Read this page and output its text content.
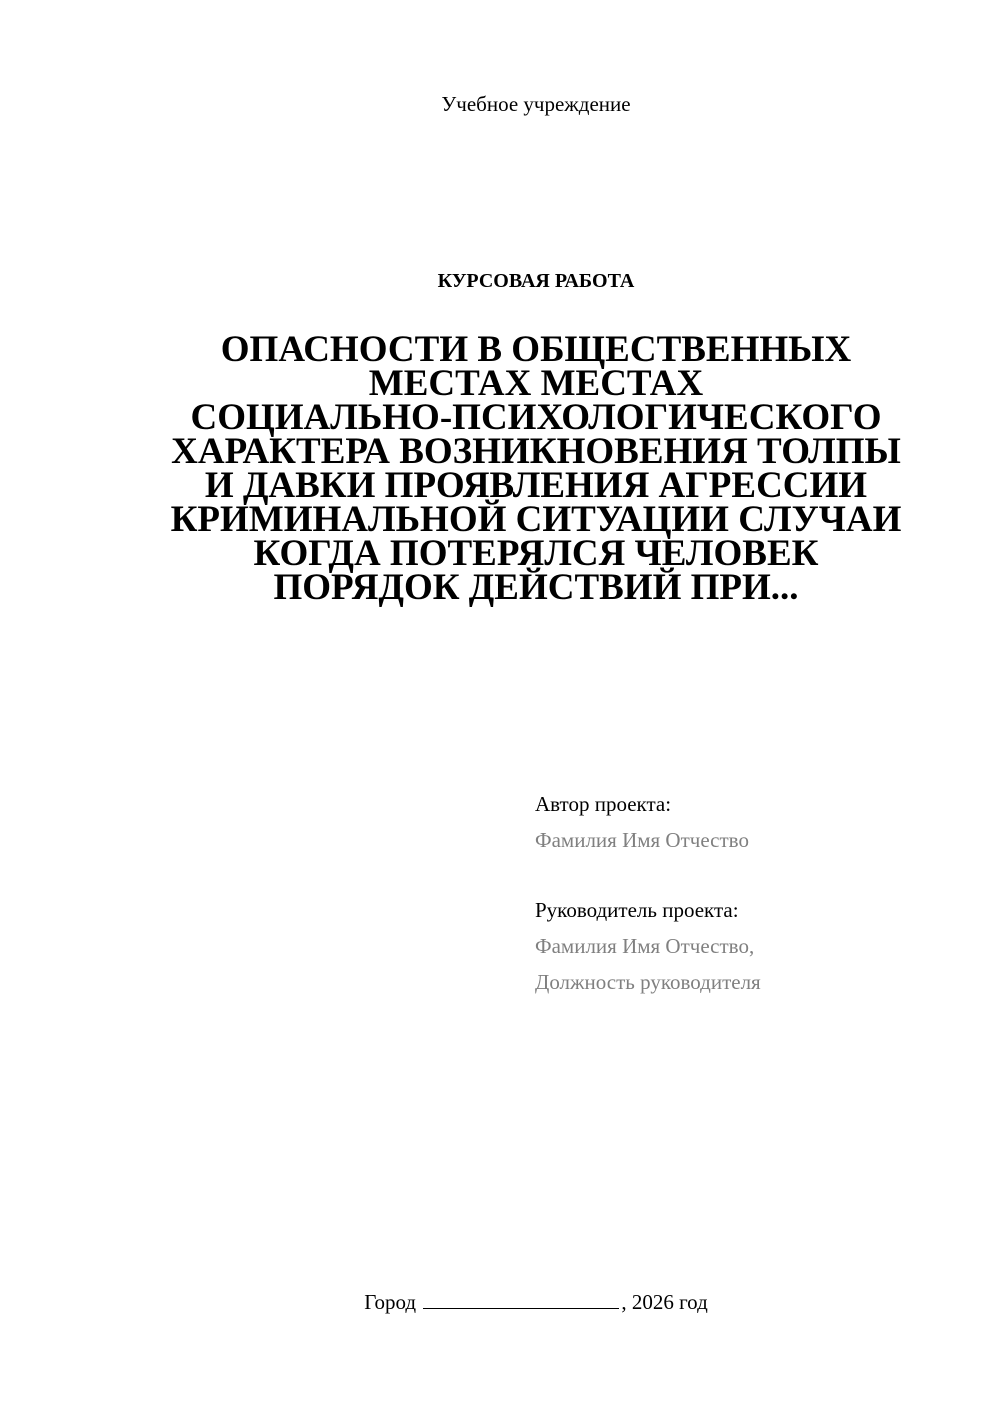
Учебное учреждение
КУРСОВАЯ РАБОТА
ОПАСНОСТИ В ОБЩЕСТВЕННЫХ
МЕСТАХ МЕСТАХ
СОЦИАЛЬНО-ПСИХОЛОГИЧЕСКОГО
ХАРАКТЕРА ВОЗНИКНОВЕНИЯ ТОЛПЫ
И ДАВКИ ПРОЯВЛЕНИЯ АГРЕССИИ
КРИМИНАЛЬНОЙ СИТУАЦИИ СЛУЧАИ
КОГДА ПОТЕРЯЛСЯ ЧЕЛОВЕК
ПОРЯДОК ДЕЙСТВИЙ ПРИ...
Автор проекта:
Фамилия Имя Отчество
Руководитель проекта:
Фамилия Имя Отчество,
Должность руководителя
Город	, 2026 год
